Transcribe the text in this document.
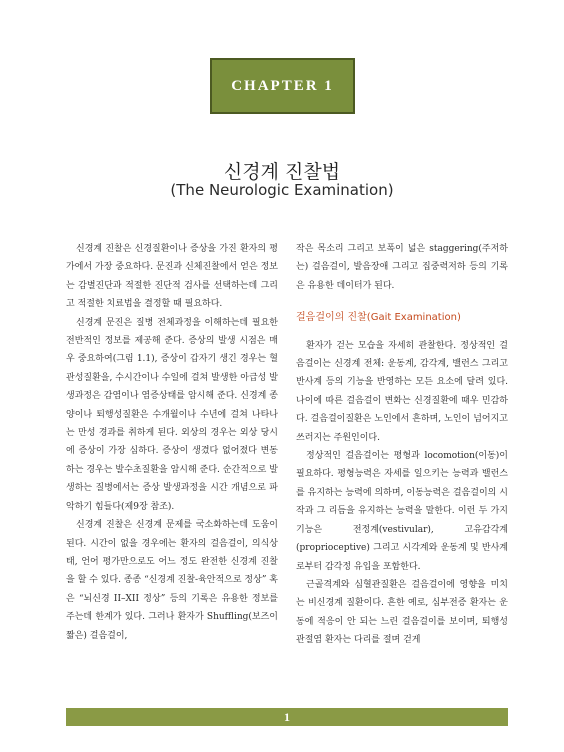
CHAPTER 1
신경계 진찰법
(The Neurologic Examination)

신경계 진찰은 신경질환이나 증상을 가진 환자의 평가에서 가장 중요하다. 문진과 신체진찰에서 얻은 정보는 감별진단과 적절한 진단적 검사를 선택하는데 그리고 적절한 치료법을 결정할 때 필요하다.

신경계 문진은 질병 전체과정을 이해하는데 필요한 전반적인 정보를 제공해 준다. 증상의 발생 시점은 매우 중요하여(그림 1.1), 증상이 갑자기 생긴 경우는 혈관성질환을, 수시간이나 수일에 걸쳐 발생한 아급성 발생과정은 감염이나 염증상태를 암시해 준다. 신경계 종양이나 퇴행성질환은 수개월이나 수년에 걸쳐 나타나는 만성 경과를 취하게 된다. 외상의 경우는 외상 당시에 증상이 가장 심하다. 증상이 생겼다 없어졌다 변동하는 경우는 발수초질환을 암시해 준다. 순간적으로 발생하는 질병에서는 증상 발생과정을 시간 개념으로 파악하기 힘들다(제9장 참조).

신경계 진찰은 신경계 문제를 국소화하는데 도움이 된다. 시간이 없을 경우에는 환자의 걸음걸이, 의식상태, 언어 평가만으로도 어느 정도 완전한 신경계 진찰을 할 수 있다. 종종 “신경계 진찰-육안적으로 정상” 혹은 “뇌신경 II–XII 정상” 등의 기록은 유용한 정보를 주는데 한계가 있다. 그러나 환자가 Shuffling(보즈이 짧은) 걸음걸이,

작은 목소리 그리고 보폭이 넓은 staggering(주저하는) 걸음걸이, 발음장애 그리고 집중력저하 등의 기록은 유용한 데이터가 된다.

걸음걸이의 진찰(Gait Examination)

환자가 걷는 모습을 자세히 관찰한다. 정상적인 걸음걸이는 신경계 전체: 운동계, 감각계, 밸런스 그리고 반사계 등의 기능을 반영하는 모든 요소에 달려 있다. 나이에 따른 걸음걸이 변화는 신경질환에 때우 민감하다. 걸음걸이질환은 노인에서 흔하며, 노인이 넘어지고 쓰러지는 주원인이다.

정상적인 걸음걸이는 평형과 locomotion(이동)이 필요하다. 평형능력은 자세를 일으키는 능력과 밸런스를 유지하는 능력에 의하며, 이동능력은 걸음걸이의 시작과 그 리듬을 유지하는 능력을 말한다. 이런 두 가지 기능은 전정계(vestivular), 고유감각계(proprioceptive) 그리고 시각계와 운동계 및 반사계로부터 감각정 유입을 포함한다.

근골격계와 심혈관질환은 걸음걸이에 영향을 미치는 비신경계 질환이다. 흔한 예로, 심부전증 환자는 운동에 적응이 안 되는 느린 걸음걸이를 보이며, 퇴행성관절염 환자는 다리를 절며 걷게

1
